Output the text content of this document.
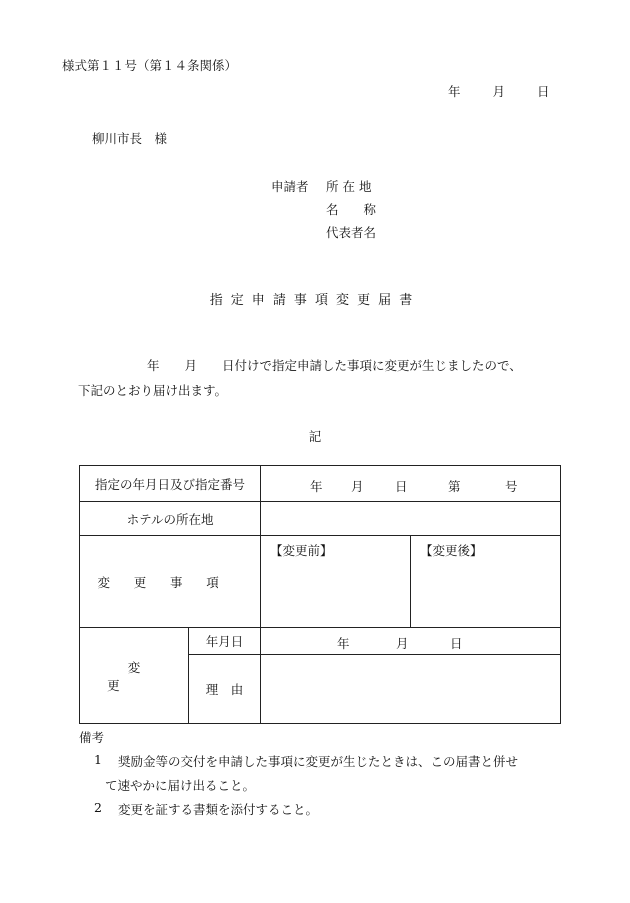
様式第１１号（第１４条関係）
年	月	日
柳川市長　様
申請者	所 在 地
名　　称
代表者名
指定申請事項変更届書
年 月 日付けで指定申請した事項に変更が生じましたので、
下記のとおり届け出ます。
記
指定の年月日及び指定番号		年 月 日 第 号	

ホテルの所在地			
変更事項		【変更前】	【変更後】

変更	年月日	年 月 日	

	理　由		
備考
1 奨励金等の交付を申請した事項に変更が生じたときは、この届書と併せ
て速やかに届け出ること。
2 変更を証する書類を添付すること。
